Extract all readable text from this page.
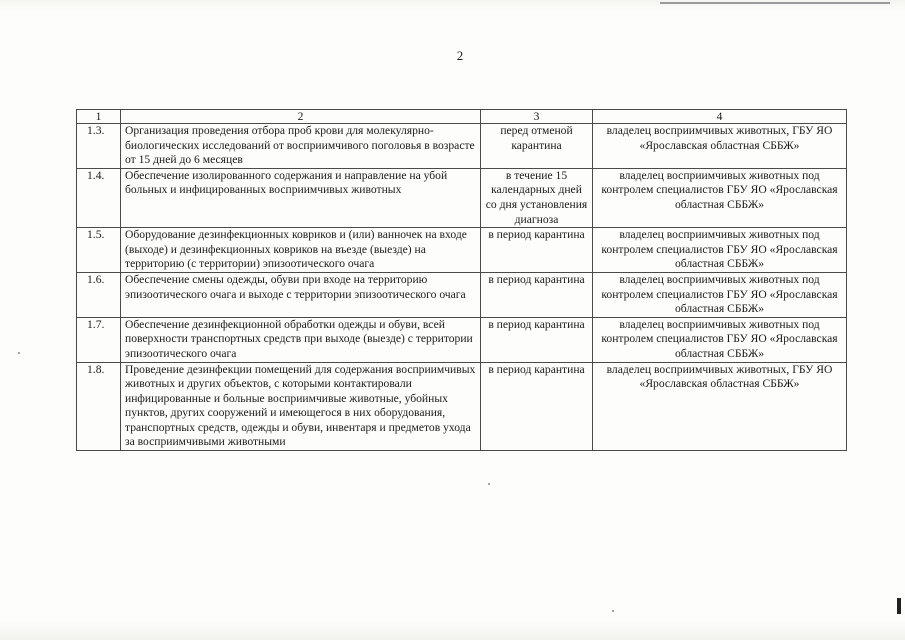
2
1	2	3	4
1.3.	Организация проведения отбора проб крови для молекулярно-биологических исследований от восприимчивого поголовья в возрасте от 15 дней до 6 месяцев	перед отменой карантина	владелец восприимчивых животных, ГБУ ЯО «Ярославская областная СББЖ»
1.4.	Обеспечение изолированного содержания и направление на убой больных и инфицированных восприимчивых животных	в течение 15 календарных дней со дня установления диагноза	владелец восприимчивых животных под контролем специалистов ГБУ ЯО «Ярославская областная СББЖ»
1.5.	Оборудование дезинфекционных ковриков и (или) ванночек на входе (выходе) и дезинфекционных ковриков на въезде (выезде) на территорию (с территории) эпизоотического очага	в период карантина	владелец восприимчивых животных под контролем специалистов ГБУ ЯО «Ярославская областная СББЖ»
1.6.	Обеспечение смены одежды, обуви при входе на территорию эпизоотического очага и выходе с территории эпизоотического очага	в период карантина	владелец восприимчивых животных под контролем специалистов ГБУ ЯО «Ярославская областная СББЖ»
1.7.	Обеспечение дезинфекционной обработки одежды и обуви, всей поверхности транспортных средств при выходе (выезде) с территории эпизоотического очага	в период карантина	владелец восприимчивых животных под контролем специалистов ГБУ ЯО «Ярославская областная СББЖ»
1.8.	Проведение дезинфекции помещений для содержания восприимчивых животных и других объектов, с которыми контактировали инфицированные и больные восприимчивые животные, убойных пунктов, других сооружений и имеющегося в них оборудования, транспортных средств, одежды и обуви, инвентаря и предметов ухода за восприимчивыми животными	в период карантина	владелец восприимчивых животных, ГБУ ЯО «Ярославская областная СББЖ»
